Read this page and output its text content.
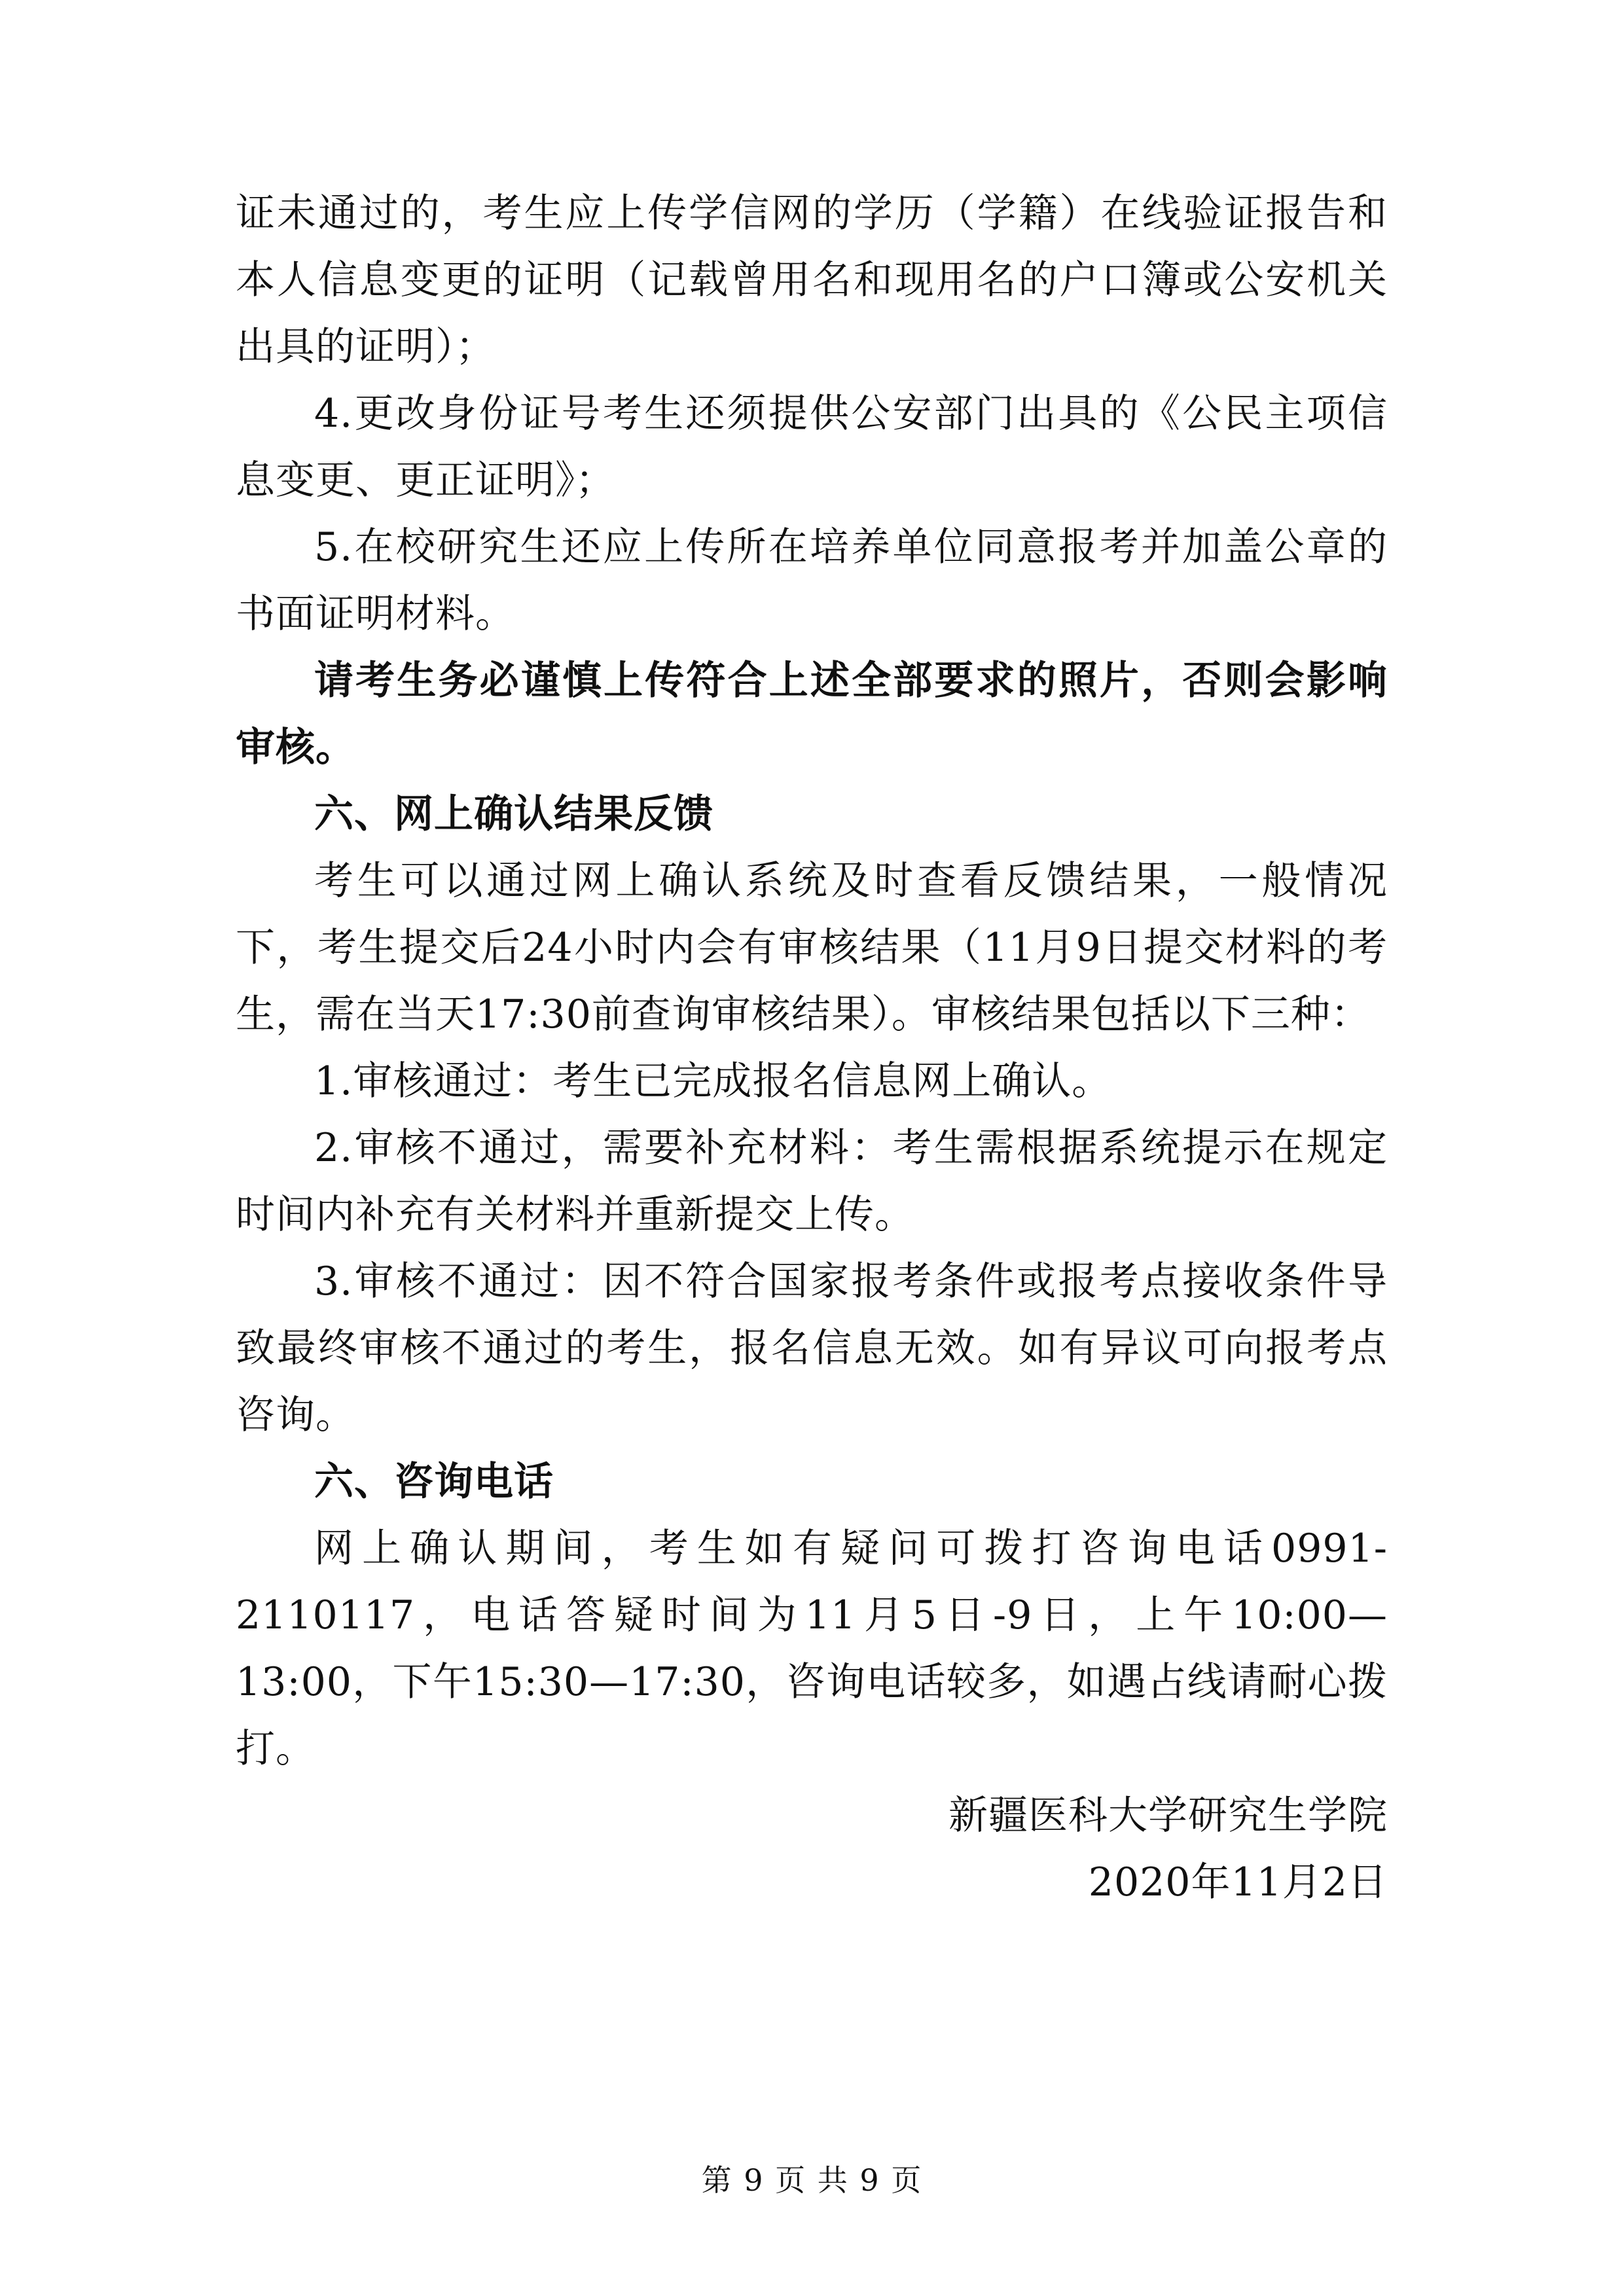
证未通过的，考生应上传学信网的学历（学籍）在线验证报告和本人信息变更的证明（记载曾用名和现用名的户口簿或公安机关出具的证明）；

4.更改身份证号考生还须提供公安部门出具的《公民主项信息变更、更正证明》；

5.在校研究生还应上传所在培养单位同意报考并加盖公章的书面证明材料。

请考生务必谨慎上传符合上述全部要求的照片，否则会影响审核。

六、网上确认结果反馈

考生可以通过网上确认系统及时查看反馈结果，一般情况下，考生提交后24小时内会有审核结果（11月9日提交材料的考生，需在当天17:30前查询审核结果）。审核结果包括以下三种：

1.审核通过：考生已完成报名信息网上确认。

2.审核不通过，需要补充材料：考生需根据系统提示在规定时间内补充有关材料并重新提交上传。

3.审核不通过：因不符合国家报考条件或报考点接收条件导致最终审核不通过的考生，报名信息无效。如有异议可向报考点咨询。

六、咨询电话

网上确认期间，考生如有疑问可拨打咨询电话0991-2110117，电话答疑时间为11月5日-9日，上午10:00—13:00，下午15:30—17:30，咨询电话较多，如遇占线请耐心拨打。

新疆医科大学研究生学院

2020年11月2日

第 9 页 共 9 页
